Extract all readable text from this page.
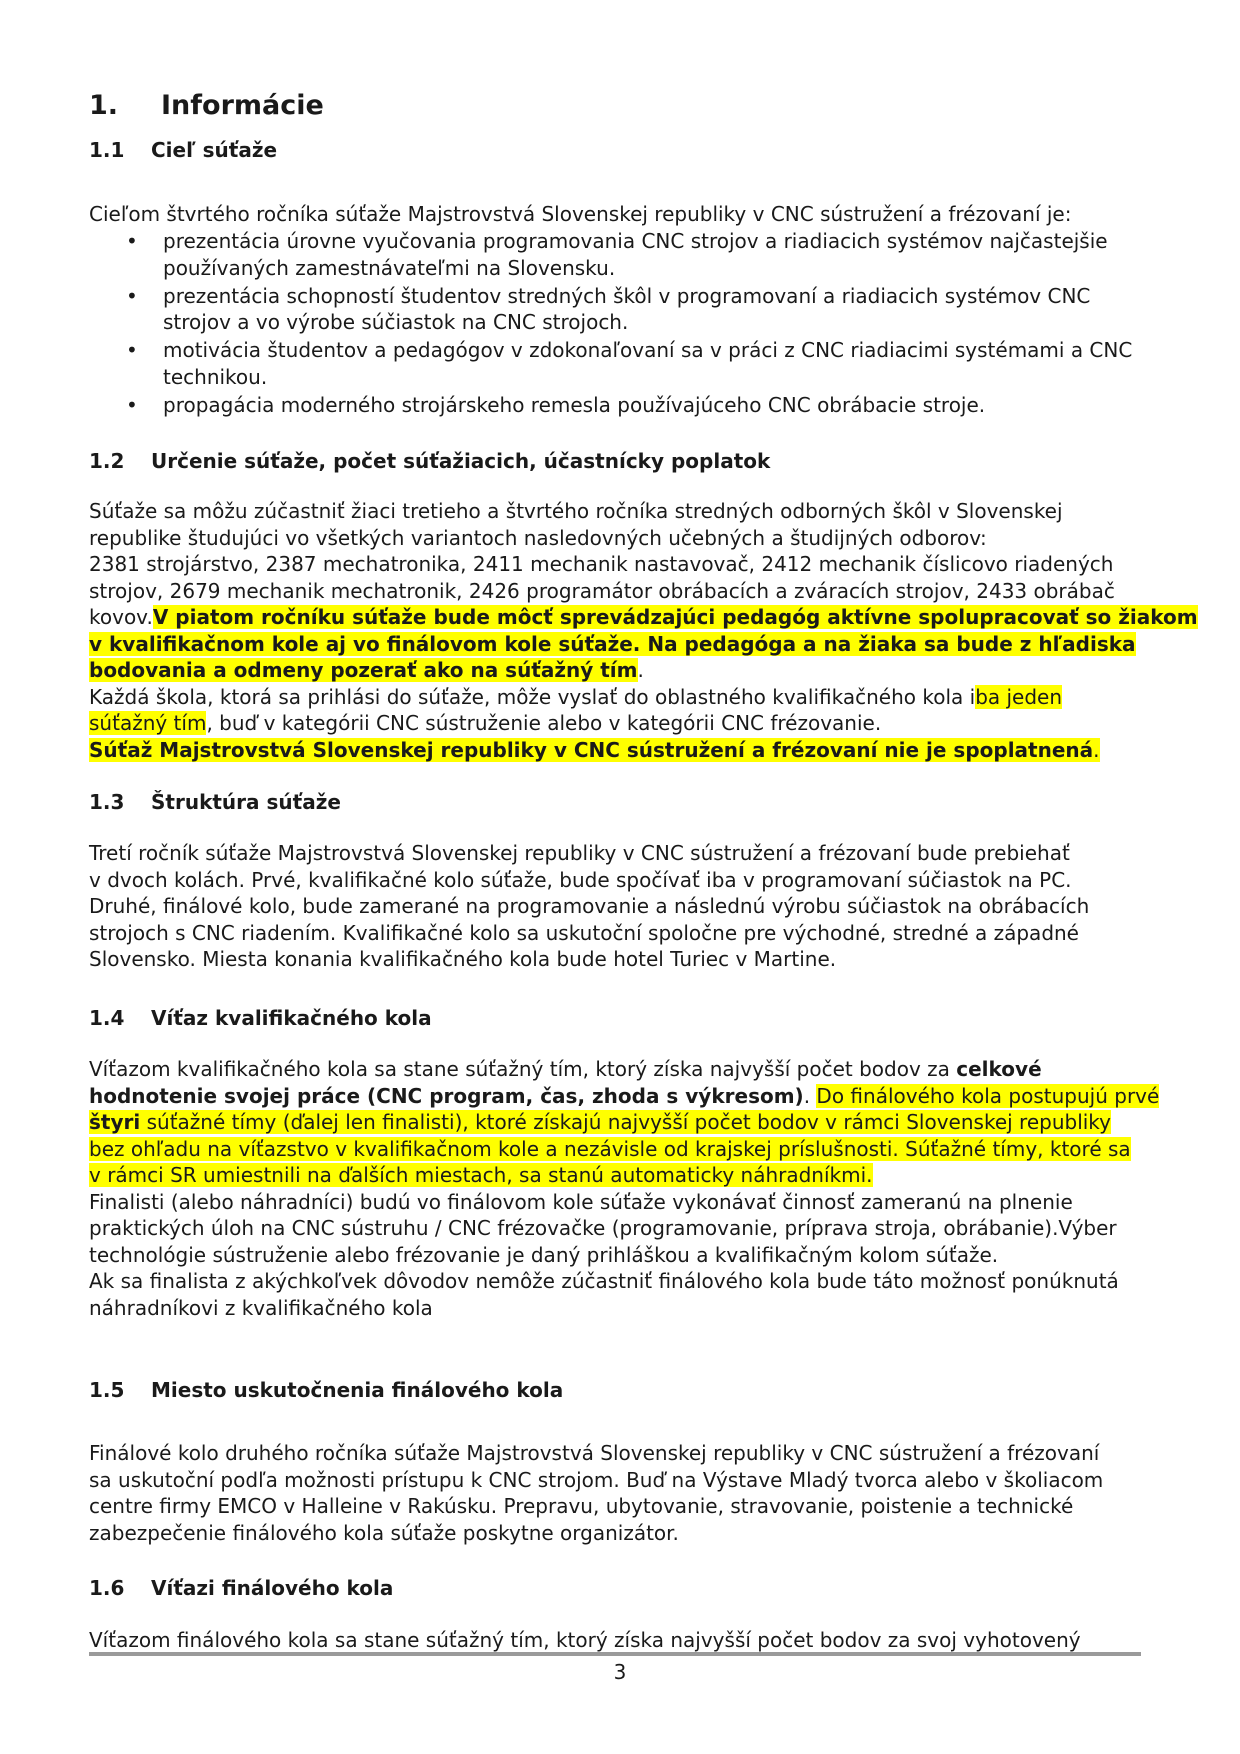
1. Informácie
1.1 Cieľ súťaže

Cieľom štvrtého ročníka súťaže Majstrovstvá Slovenskej republiky v CNC sústružení a frézovaní je:

• prezentácia úrovne vyučovania programovania CNC strojov a riadiacich systémov najčastejšie
používaných zamestnávateľmi na Slovensku.
• prezentácia schopností študentov stredných škôl v programovaní a riadiacich systémov CNC
strojov a vo výrobe súčiastok na CNC strojoch.
• motivácia študentov a pedagógov v zdokonaľovaní sa v práci z CNC riadiacimi systémami a CNC
technikou.
• propagácia moderného strojárskeho remesla používajúceho CNC obrábacie stroje.
1.2 Určenie súťaže, počet súťažiacich, účastnícky poplatok
Súťaže sa môžu zúčastniť žiaci tretieho a štvrtého ročníka stredných odborných škôl v Slovenskej
republike študujúci vo všetkých variantoch nasledovných učebných a študijných odborov:
2381 strojárstvo, 2387 mechatronika, 2411 mechanik nastavovač, 2412 mechanik číslicovo riadených
strojov, 2679 mechanik mechatronik, 2426 programátor obrábacích a zváracích strojov, 2433 obrábač
kovov.V piatom ročníku súťaže bude môcť sprevádzajúci pedagóg aktívne spolupracovať so žiakom
v kvalifikačnom kole aj vo finálovom kole súťaže. Na pedagóga a na žiaka sa bude z hľadiska
bodovania a odmeny pozerať ako na súťažný tím.
Každá škola, ktorá sa prihlási do súťaže, môže vyslať do oblastného kvalifikačného kola iba jeden
súťažný tím, buď v kategórii CNC sústruženie alebo v kategórii CNC frézovanie.
Súťaž Majstrovstvá Slovenskej republiky v CNC sústružení a frézovaní nie je spoplatnená.
1.3 Štruktúra súťaže
Tretí ročník súťaže Majstrovstvá Slovenskej republiky v CNC sústružení a frézovaní bude prebiehať
v dvoch kolách. Prvé, kvalifikačné kolo súťaže, bude spočívať iba v programovaní súčiastok na PC.
Druhé, finálové kolo, bude zamerané na programovanie a následnú výrobu súčiastok na obrábacích
strojoch s CNC riadením. Kvalifikačné kolo sa uskutoční spoločne pre východné, stredné a západné
Slovensko. Miesta konania kvalifikačného kola bude hotel Turiec v Martine.
1.4 Víťaz kvalifikačného kola
Víťazom kvalifikačného kola sa stane súťažný tím, ktorý získa najvyšší počet bodov za celkové
hodnotenie svojej práce (CNC program, čas, zhoda s výkresom). Do finálového kola postupujú prvé
štyri súťažné tímy (ďalej len finalisti), ktoré získajú najvyšší počet bodov v rámci Slovenskej republiky
bez ohľadu na víťazstvo v kvalifikačnom kole a nezávisle od krajskej príslušnosti. Súťažné tímy, ktoré sa
v rámci SR umiestnili na ďalších miestach, sa stanú automaticky náhradníkmi.
Finalisti (alebo náhradníci) budú vo finálovom kole súťaže vykonávať činnosť zameranú na plnenie
praktických úloh na CNC sústruhu / CNC frézovačke (programovanie, príprava stroja, obrábanie).Výber
technológie sústruženie alebo frézovanie je daný prihláškou a kvalifikačným kolom súťaže.
Ak sa finalista z akýchkoľvek dôvodov nemôže zúčastniť finálového kola bude táto možnosť ponúknutá
náhradníkovi z kvalifikačného kola
1.5 Miesto uskutočnenia finálového kola
Finálové kolo druhého ročníka súťaže Majstrovstvá Slovenskej republiky v CNC sústružení a frézovaní
sa uskutoční podľa možnosti prístupu k CNC strojom. Buď na Výstave Mladý tvorca alebo v školiacom
centre firmy EMCO v Halleine v Rakúsku. Prepravu, ubytovanie, stravovanie, poistenie a technické
zabezpečenie finálového kola súťaže poskytne organizátor.
1.6 Víťazi finálového kola
Víťazom finálového kola sa stane súťažný tím, ktorý získa najvyšší počet bodov za svoj vyhotovený
3
